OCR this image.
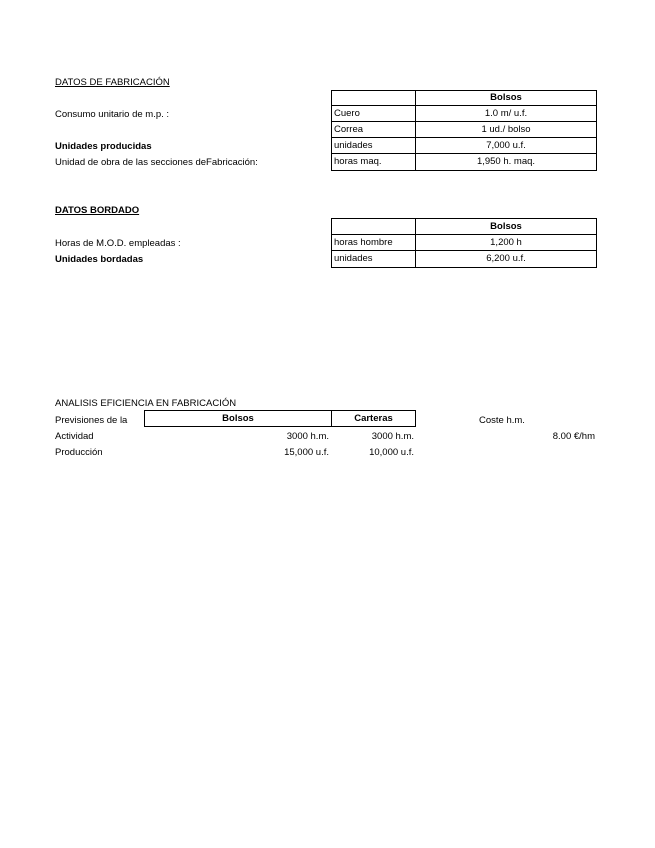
DATOS DE FABRICACIÓN
Bolsos
Consumo unitario de m.p. :	Cuero	1.0 m/ u.f.
Correa	1 ud./ bolso
Unidades producidas	unidades	7,000 u.f.
Unidad de obra de las secciones deFabricación:	horas maq.	1,950 h. maq.
DATOS BORDADO
Bolsos
Horas de M.O.D. empleadas :	horas hombre	1,200 h
Unidades bordadas	unidades	6,200 u.f.
ANALISIS EFICIENCIA EN FABRICACIÓN
Previsiones de la	Bolsos	Carteras	Coste h.m.
Actividad	3000 h.m.	3000 h.m.	8.00 €/hm
Producción	15,000 u.f.	10,000 u.f.
